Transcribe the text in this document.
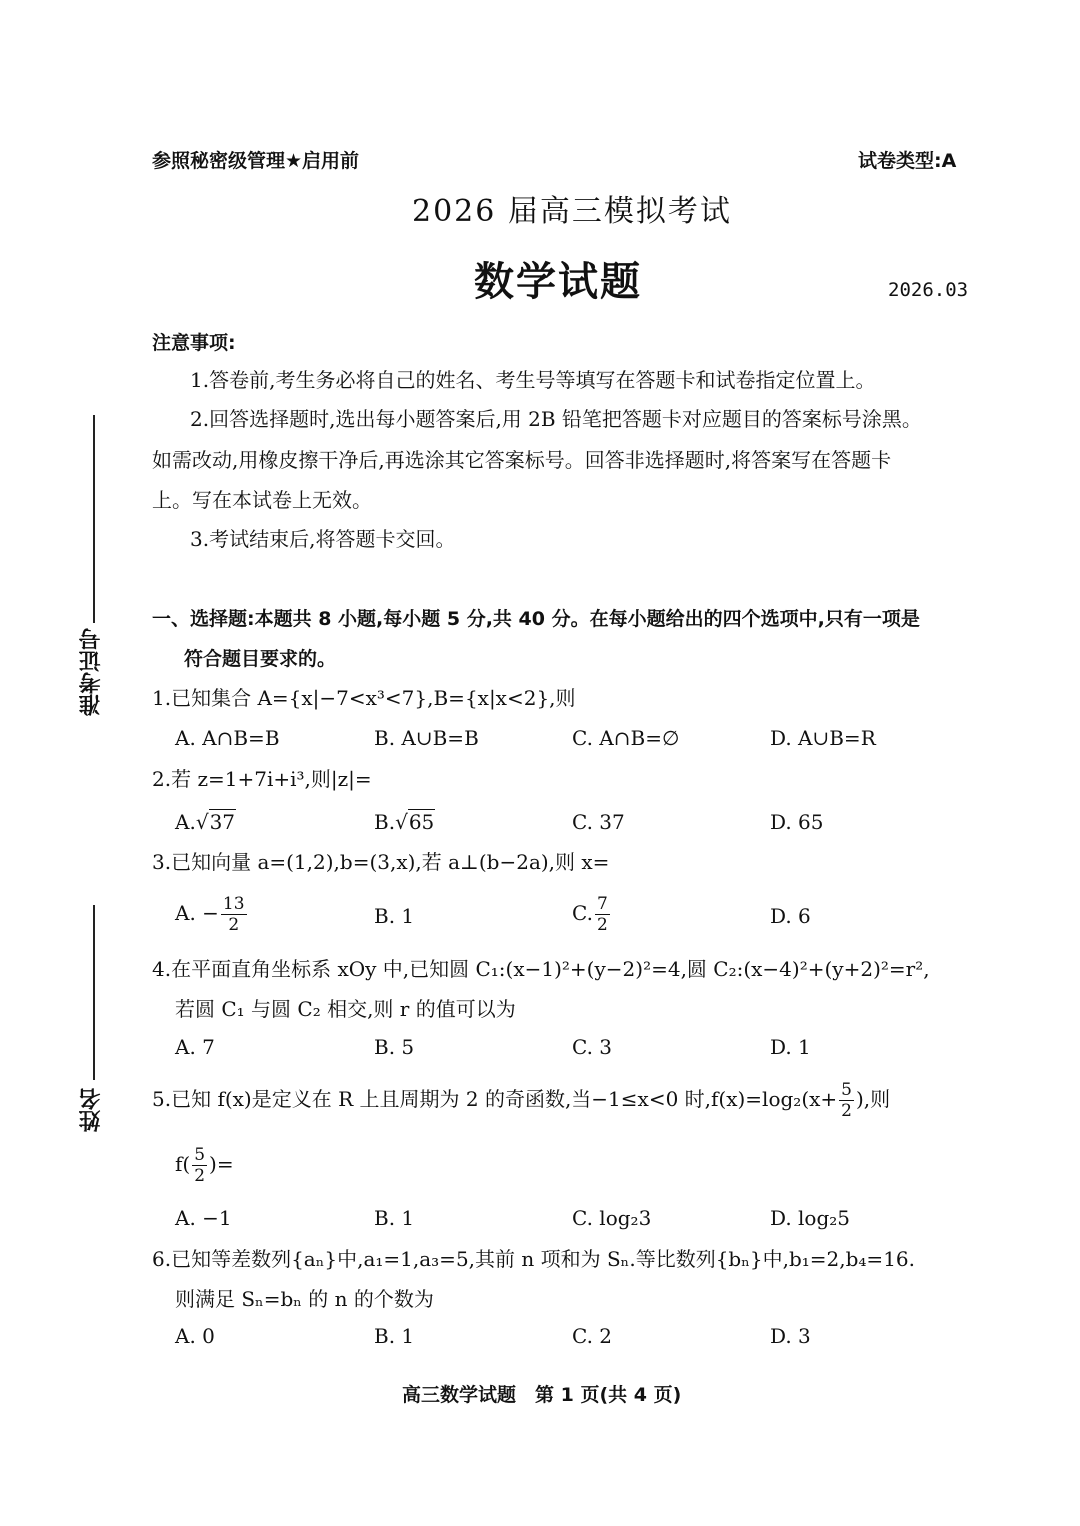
准考证号
姓名
参照秘密级管理★启用前	试卷类型:A
2026 届高三模拟考试
数学试题	2026.03
注意事项:
1.答卷前,考生务必将自己的姓名、考生号等填写在答题卡和试卷指定位置上。
2.回答选择题时,选出每小题答案后,用 2B 铅笔把答题卡对应题目的答案标号涂黑。
如需改动,用橡皮擦干净后,再选涂其它答案标号。回答非选择题时,将答案写在答题卡
上。写在本试卷上无效。
3.考试结束后,将答题卡交回。
一、选择题:本题共 8 小题,每小题 5 分,共 40 分。在每小题给出的四个选项中,只有一项是
符合题目要求的。
1.已知集合 A={x|−7<x³<7},B={x|x<2},则
A. A∩B=B	B. A∪B=B	C. A∩B=∅	D. A∪B=R
2.若 z=1+7i+i³,则|z|=
A.√37	B.√65	C. 37	D. 65
3.已知向量 a=(1,2),b=(3,x),若 a⊥(b−2a),则 x=
A. − $\frac{13}{2}$	B. 1	C. $\frac{7}{2}$	D. 6
4.在平面直角坐标系 xOy 中,已知圆 C₁:(x−1)²+(y−2)²=4,圆 C₂:(x−4)²+(y+2)²=r²,
若圆 C₁ 与圆 C₂ 相交,则 r 的值可以为
A. 7	B. 5	C. 3	D. 1
5.已知 f(x)是定义在 R 上且周期为 2 的奇函数,当−1≤x<0 时$,f(x)=\log_2(x+ \frac{5}{2}$ ),则
$f( \frac{5}{2}$ )=
A. −1	B. 1	C. log₂3	D. log₂5
6.已知等差数列{aₙ}中,a₁=1,a₃=5,其前 n 项和为 Sₙ.等比数列{bₙ}中,b₁=2,b₄=16.
则满足 Sₙ=bₙ 的 n 的个数为
A. 0	B. 1	C. 2	D. 3
高三数学试题　第 1 页(共 4 页)
